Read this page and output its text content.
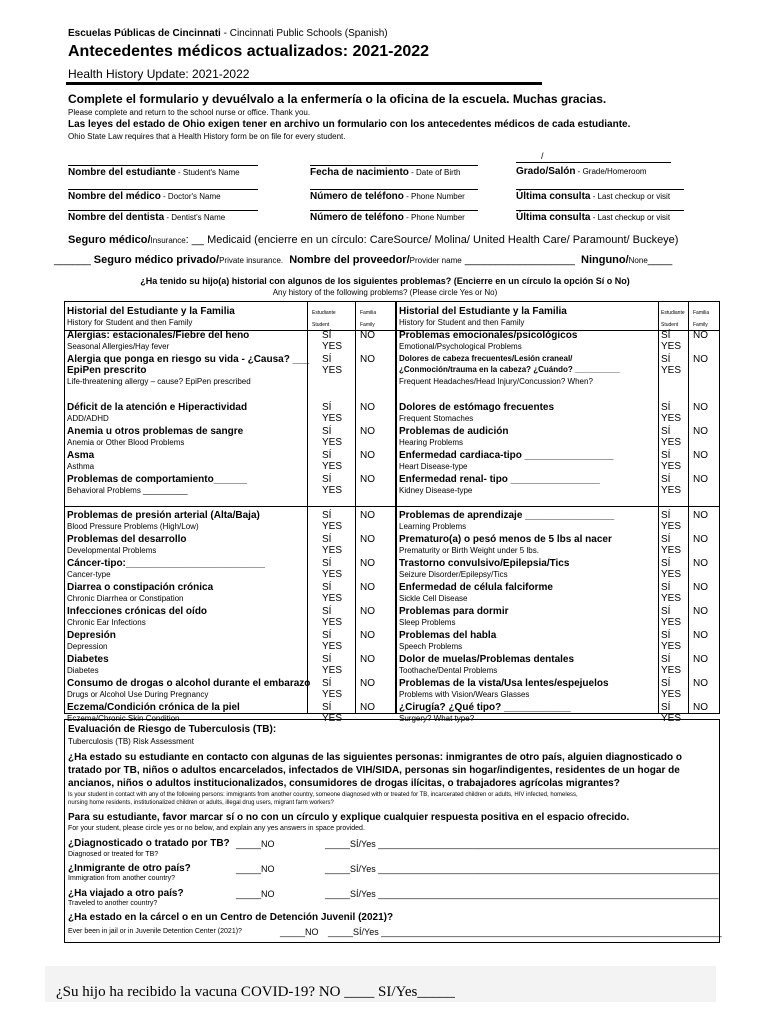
Escuelas Públicas de Cincinnati - Cincinnati Public Schools (Spanish)
Antecedentes médicos actualizados: 2021-2022
Health History Update: 2021-2022
Complete el formulario y devuélvalo a la enfermería o la oficina de la escuela. Muchas gracias.
Please complete and return to the school nurse or office. Thank you.
Las leyes del estado de Ohio exigen tener en archivo un formulario con los antecedentes médicos de cada estudiante.
Ohio State Law requires that a Health History form be on file for every student.
/
Nombre del estudiante - Student's Name	Fecha de nacimiento - Date of Birth	Grado/Salón - Grade/Homeroom
Nombre del médico - Doctor's Name	Número de teléfono - Phone Number	Última consulta - Last checkup or visit
Nombre del dentista - Dentist's Name	Número de teléfono - Phone Number	Última consulta - Last checkup or visit
Seguro médico/Insurance: __ Medicaid (encierre en un círculo: CareSource/ Molina/ United Health Care/ Paramount/ Buckeye)
______ Seguro médico privado/Private insurance. Nombre del proveedor/Provider name __________________ Ninguno/None____
¿Ha tenido su hijo(a) historial con algunos de los siguientes problemas? (Encierre en un círculo la opción Sí o No)
Any history of the following problems? (Please circle Yes or No)
Historial del Estudiante y la Familia
History for Student and then Family
Estudiante	Familia
Student	Family
Alergias: estacionales/Fiebre del heno
Seasonal Allergies/Hay fever
SÍ
YES
NO
Alergia que ponga en riesgo su vida - ¿Causa? ___
EpiPen prescrito
Life-threatening allergy – cause? EpiPen prescribed
SÍ
YES
NO
Déficit de la atención e Hiperactividad
ADD/ADHD
SÍ
YES
NO
Anemia u otros problemas de sangre
Anemia or Other Blood Problems
SÍ
YES
NO
Asma
Asthma
SÍ
YES
NO
Problemas de comportamiento______
Behavioral Problems __________
SÍ
YES
NO
Problemas de presión arterial (Alta/Baja)
Blood Pressure Problems (High/Low)
SÍ
YES
NO
Problemas del desarrollo
Developmental Problems
SÍ
YES
NO
Cáncer-tipo:_________________________
Cancer-type
SÍ
YES
NO
Diarrea o constipación crónica
Chronic Diarrhea or Constipation
SÍ
YES
NO
Infecciones crónicas del oído
Chronic Ear Infections
SÍ
YES
NO
Depresión
Depression
SÍ
YES
NO
Diabetes
Diabetes
SÍ
YES
NO
Consumo de drogas o alcohol durante el embarazo
Drugs or Alcohol Use During Pregnancy
SÍ
YES
NO
Eczema/Condición crónica de la piel
Eczema/Chronic Skin Condition
SÍ
YES
NO
Historial del Estudiante y la Familia
History for Student and then Family
Estudiante Familia
Student	Family
Problemas emocionales/psicológicos
Emotional/Psychological Problems
SÍ
YES
NO
Dolores de cabeza frecuentes/Lesión craneal/
¿Conmoción/trauma en la cabeza? ¿Cuándo? __________
Frequent Headaches/Head Injury/Concussion? When?
SÍ
YES
NO
Dolores de estómago frecuentes
Frequent Stomaches
SÍ
YES
NO
Problemas de audición
Hearing Problems
SÍ
YES
NO
Enfermedad cardiaca-tipo ________________
Heart Disease-type
SÍ
YES
NO
Enfermedad renal- tipo ________________
Kidney Disease-type
SÍ
YES
NO
Problemas de aprendizaje ________________
Learning Problems
SÍ
YES
NO
Prematuro(a) o pesó menos de 5 lbs al nacer
Prematurity or Birth Weight under 5 lbs.
SÍ
YES
NO
Trastorno convulsivo/Epilepsia/Tics
Seizure Disorder/Epilepsy/Tics
SÍ
YES
NO
Enfermedad de célula falciforme
Sickle Cell Disease
SÍ
YES
NO
Problemas para dormir
Sleep Problems
SÍ
YES
NO
Problemas del habla
Speech Problems
SÍ
YES
NO
Dolor de muelas/Problemas dentales
Toothache/Dental Problems
SÍ
YES
NO
Problemas de la vista/Usa lentes/espejuelos
Problems with Vision/Wears Glasses
SÍ
YES
NO
¿Cirugía? ¿Qué tipo? ____________
Surgery? What type?
SÍ
YES
NO
Evaluación de Riesgo de Tuberculosis (TB):
Tuberculosis (TB) Risk Assessment
¿Ha estado su estudiante en contacto con algunas de las siguientes personas: inmigrantes de otro país, alguien diagnosticado o
tratado por TB, niños o adultos encarcelados, infectados de VIH/SIDA, personas sin hogar/indigentes, residentes de un hogar de
ancianos, niños o adultos institucionalizados, consumidores de drogas ilícitas, o trabajadores agrícolas migrantes?
Is your student in contact with any of the following persons: immigrants from another country, someone diagnosed with or treated for TB, incarcerated children or adults, HIV infected, homeless,
nursing home residents, institutionalized children or adults, illegal drug users, migrant farm workers?
Para su estudiante, favor marcar sí o no con un círculo y explique cualquier respuesta positiva en el espacio ofrecido.
For your student, please circle yes or no below, and explain any yes answers in space provided.
¿Diagnosticado o tratado por TB?
Diagnosed or treated for TB?
_____NO	_____SÍ/Yes ____________________________________________________________________
¿Inmigrante de otro país?
Immigration from another country?
_____NO	_____SÍ/Yes ____________________________________________________________________
¿Ha viajado a otro país?
Traveled to another country?
_____NO	_____SÍ/Yes ____________________________________________________________________
¿Ha estado en la cárcel o en un Centro de Detención Juvenil (2021)?
Ever been in jail or in Juvenile Detention Center (2021)?	_____NO _____SÍ/Yes ____________________________________________________________________
¿Su hijo ha recibido la vacuna COVID-19? NO ____ SI/Yes_____
